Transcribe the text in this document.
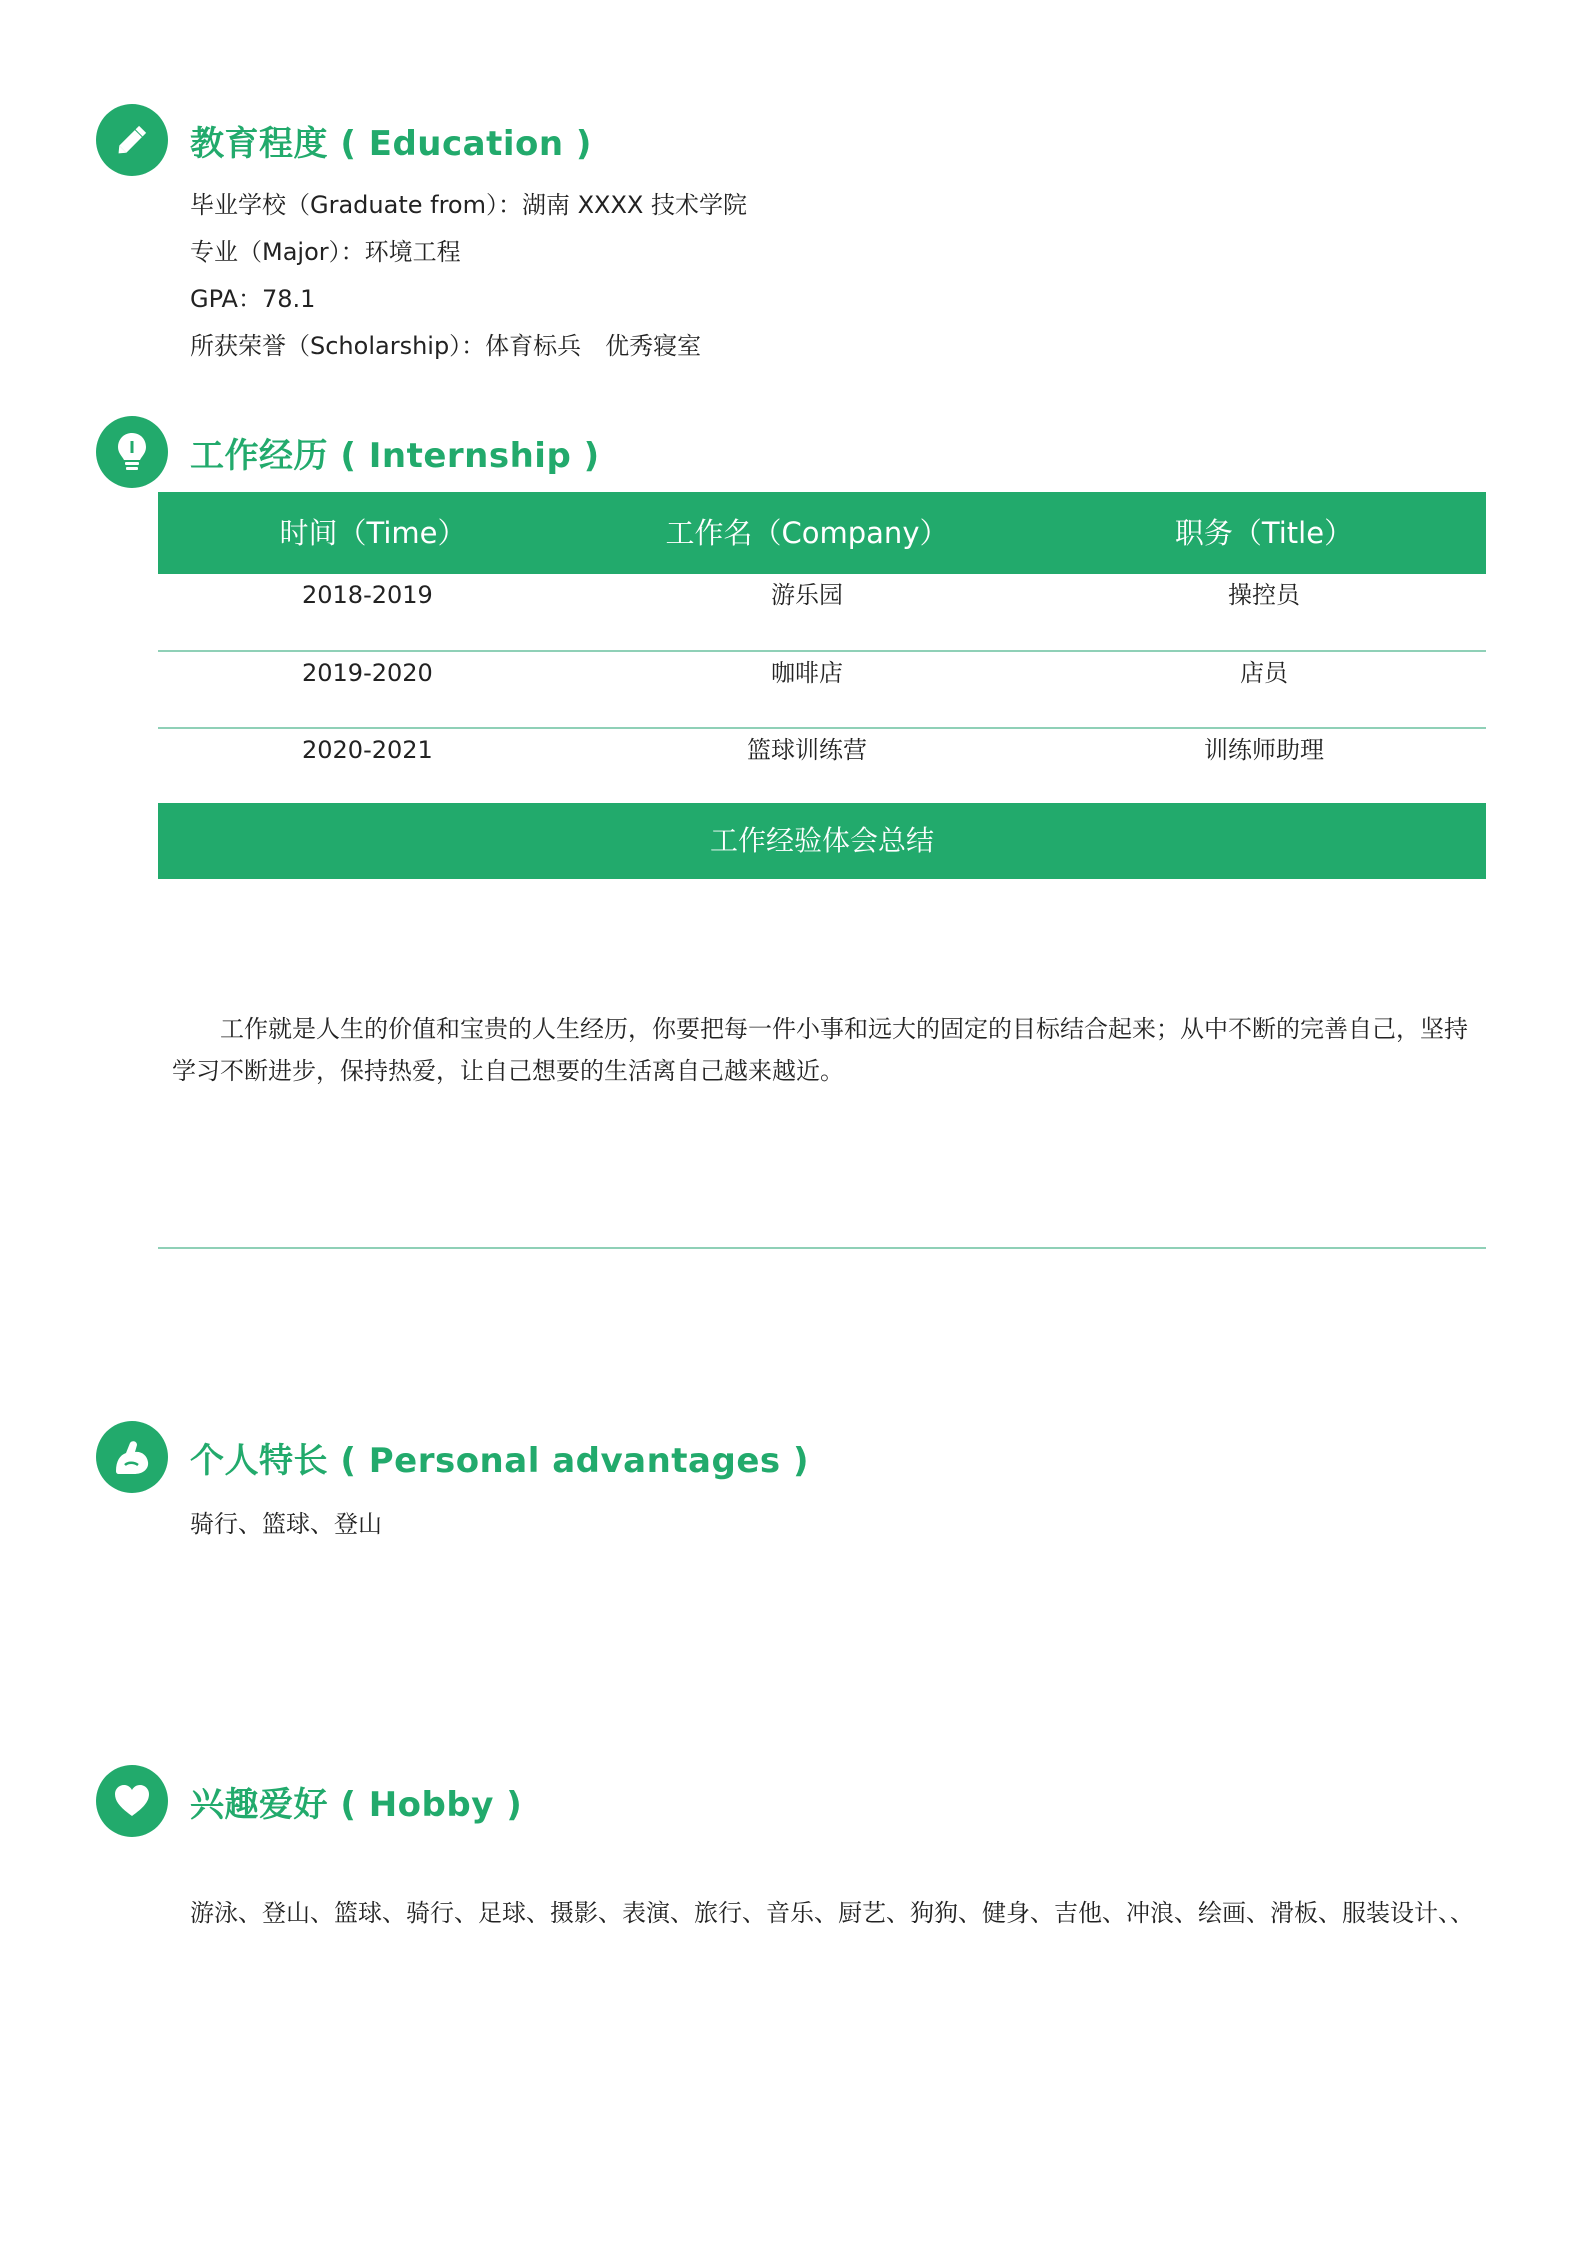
教育程度 ( Education )
毕业学校（Graduate from）：湖南 XXXX 技术学院
专业（Major）：环境工程
GPA：78.1
所获荣誉（Scholarship）：体育标兵　优秀寝室
工作经历 ( Internship )
时间（Time）	工作名（Company）	职务（Title）
2018-2019	游乐园	操控员
2019-2020	咖啡店	店员
2020-2021	篮球训练营	训练师助理
工作经验体会总结
工作就是人生的价值和宝贵的人生经历，你要把每一件小事和远大的固定的目标结合起来；从中不断的完善自己，坚持学习不断进步，保持热爱，让自己想要的生活离自己越来越近。
个人特长 ( Personal advantages )
骑行、篮球、登山
兴趣爱好 ( Hobby )
游泳、登山、篮球、骑行、足球、摄影、表演、旅行、音乐、厨艺、狗狗、健身、吉他、冲浪、绘画、滑板、服装设计、、
